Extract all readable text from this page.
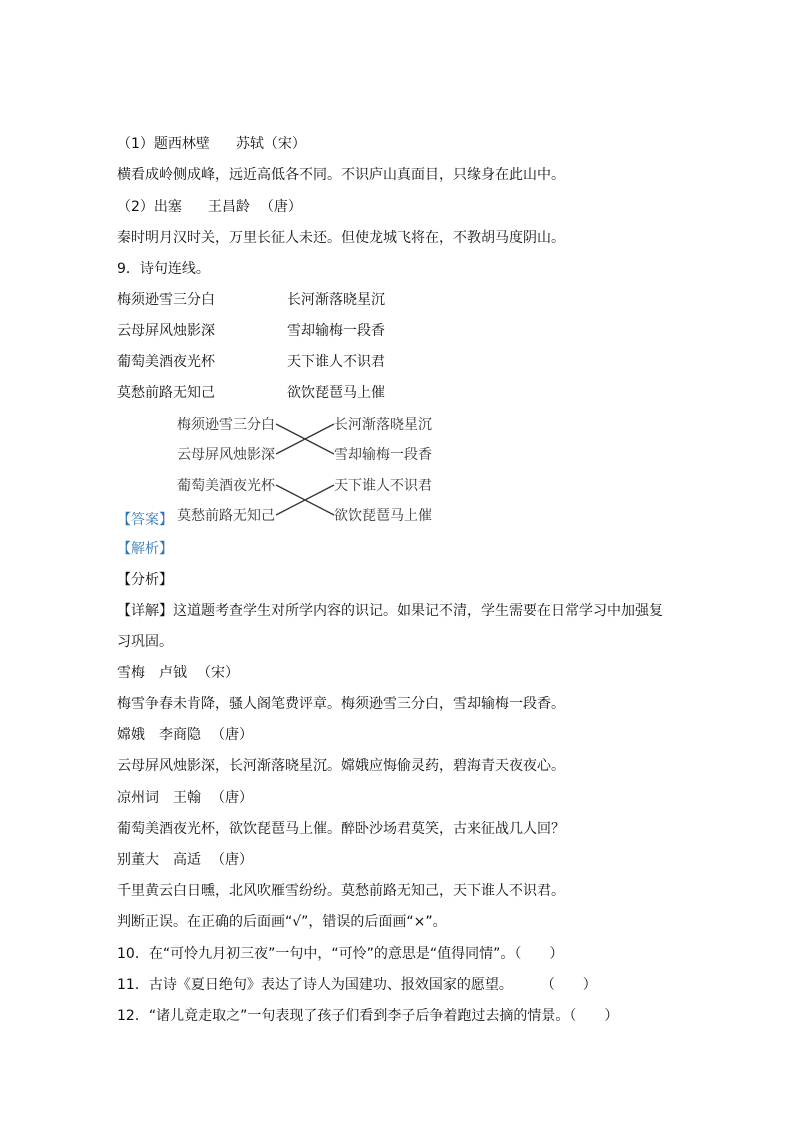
（1）题西林壁 苏轼（宋）
横看成岭侧成峰，远近高低各不同。不识庐山真面目，只缘身在此山中。
（2）出塞 王昌龄 （唐）
秦时明月汉时关，万里长征人未还。但使龙城飞将在，不教胡马度阴山。
9．诗句连线。
梅须逊雪三分白	长河渐落晓星沉
云母屏风烛影深	雪却输梅一段香
葡萄美酒夜光杯	天下谁人不识君
莫愁前路无知己	欲饮琵琶马上催
梅须逊雪三分白
云母屏风烛影深
葡萄美酒夜光杯
莫愁前路无知己
长河渐落晓星沉
雪却输梅一段香
天下谁人不识君
欲饮琵琶马上催
【答案】
【解析】
【分析】
【详解】这道题考查学生对所学内容的识记。如果记不清，学生需要在日常学习中加强复
习巩固。
雪梅 卢钺 （宋）
梅雪争春未肯降，骚人阁笔费评章。梅须逊雪三分白，雪却输梅一段香。
嫦娥 李商隐 （唐）
云母屏风烛影深，长河渐落晓星沉。嫦娥应悔偷灵药，碧海青天夜夜心。
凉州词 王翰 （唐）
葡萄美酒夜光杯，欲饮琵琶马上催。醉卧沙场君莫笑，古来征战几人回？
别董大 高适 （唐）
千里黄云白日曛，北风吹雁雪纷纷。莫愁前路无知己，天下谁人不识君。
判断正误。在正确的后面画“√”，错误的后面画“×”。
10．在“可怜九月初三夜”一句中，“可怜”的意思是“值得同情”。（　　）
11．古诗《夏日绝句》表达了诗人为国建功、报效国家的愿望。　　　（　　）
12．“诸儿竟走取之”一句表现了孩子们看到李子后争着跑过去摘的情景。（　　）
